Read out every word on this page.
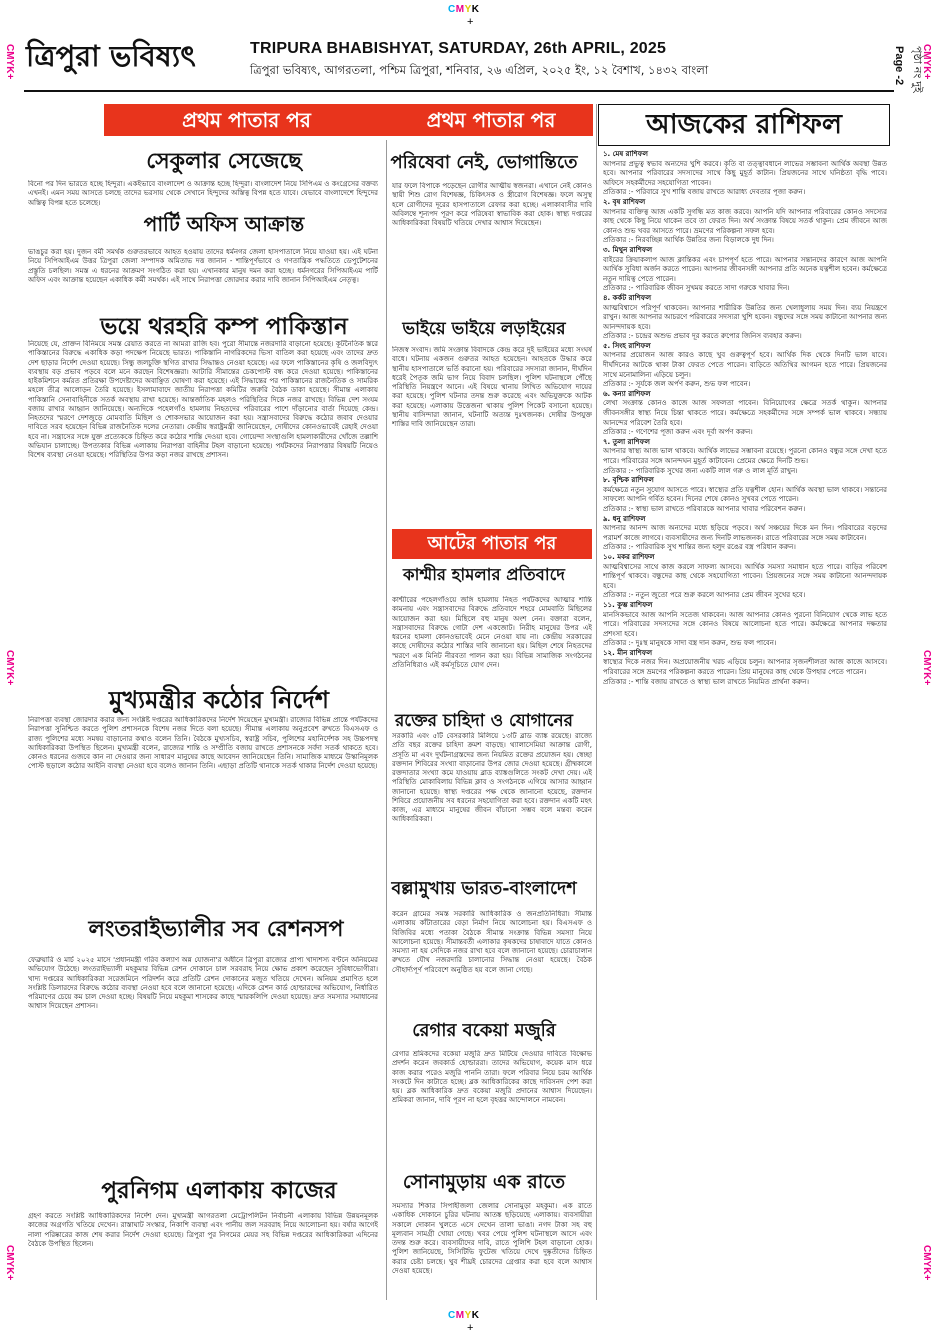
CMYK
+
CMYK+	CMYK+
CMYK+	CMYK+
CMYK+	CMYK+
ত্রিপুরা ভবিষ্যৎ	TRIPURA BHABISHYAT, SATURDAY, 26th APRIL, 2025
ত্রিপুরা ভবিষ্যৎ, আগরতলা, পশ্চিম ত্রিপুরা, শনিবার, ২৬ এপ্রিল, ২০২৫ ইং, ১২ বৈশাখ, ১৪৩২ বাংলা	Page -2 পৃষ্ঠা নং দুই
প্রথম পাতার পর	প্রথম পাতার পর	আজকের রাশিফল
সেকুলার সেজেছে
বিনো পর দিন ভারতে হচ্ছে হিন্দুরা। একইভাবে বাংলাদেশ ও আক্রান্ত হচ্ছে হিন্দুরা। বাংলাদেশ নিয়ে সিপিএম ও কংগ্রেসের বক্তব্য এখনই। এমন সময় আসতে চলছে তাদের ভরসায় থেকে সেখানে হিন্দুদের অস্তিত্ব বিপন্ন হতে যাবে। যেভাবে বাংলাদেশে হিন্দুদের অস্তিত্ব বিপন্ন হতে চলেছে।
পার্টি অফিস আক্রান্ত
ভাঙচুর করা হয়। দুজন বর্মী সমর্থক গুরুতরভাবে আহত হওয়ায় তাদের ধর্মনগর জেলা হাসপাতালে নিয়ে যাওয়া হয়। এই ঘটনা নিয়ে সিপিআইএম উত্তর ত্রিপুরা জেলা সম্পাদক অমিতাভ দত্ত জানান - শান্তিপূর্ণভাবে ও গণতান্ত্রিক পদ্ধতিতে ডেপুটেশনের প্রস্তুতি চলছিল। সমস্ত এ ধরনের আক্রমণ সংগঠিত করা হয়। এখানকার মানুষ দমন করা হচ্ছে। ধর্মনগরের সিপিআইএম পার্টি অফিস এবং আক্রান্ত হয়েছেন একাধিক কর্মী সমর্থক। এই সাথে নিরাপত্তা জোরদার করার দাবি জানান সিপিআইএম নেতৃত্ব।
ভয়ে থরহরি কম্প পাকিস্তান
নিয়েছে যে, প্রাক্তন বিনিময়ে সমস্ত রেয়াত করতে না আমরা রাজি হব। পুরো সীমান্তে নজরদারি বাড়ানো হয়েছে। কূটনৈতিক স্তরে পাকিস্তানের বিরুদ্ধে একাধিক কড়া পদক্ষেপ নিয়েছে ভারত। পাকিস্তানি নাগরিকদের ভিসা বাতিল করা হয়েছে এবং তাদের দ্রুত দেশ ছাড়ার নির্দেশ দেওয়া হয়েছে। সিন্ধু জলচুক্তি স্থগিত রাখার সিদ্ধান্তও নেওয়া হয়েছে। এর ফলে পাকিস্তানের কৃষি ও জলবিদ্যুৎ ব্যবস্থায় বড় প্রভাব পড়বে বলে মনে করছেন বিশেষজ্ঞরা। আটারি সীমান্তের চেকপোস্ট বন্ধ করে দেওয়া হয়েছে। পাকিস্তানের হাইকমিশনে কর্মরত প্রতিরক্ষা উপদেষ্টাদের অবাঞ্ছিত ঘোষণা করা হয়েছে। এই সিদ্ধান্তের পর পাকিস্তানের রাজনৈতিক ও সামরিক মহলে তীব্র আলোড়ন তৈরি হয়েছে। ইসলামাবাদে জাতীয় নিরাপত্তা কমিটির জরুরি বৈঠক ডাকা হয়েছে। সীমান্ত এলাকায় পাকিস্তানি সেনাবাহিনীকে সতর্ক অবস্থায় রাখা হয়েছে। আন্তর্জাতিক মহলও পরিস্থিতির দিকে নজর রাখছে। বিভিন্ন দেশ সংযম বজায় রাখার আহ্বান জানিয়েছে। অন্যদিকে পহেলগাঁও হামলায় নিহতদের পরিবারের পাশে দাঁড়ানোর বার্তা দিয়েছে কেন্দ্র। নিহতদের স্মরণে দেশজুড়ে মোমবাতি মিছিল ও শোকসভার আয়োজন করা হয়। সন্ত্রাসবাদের বিরুদ্ধে কঠোর জবাব দেওয়ার দাবিতে সরব হয়েছেন বিভিন্ন রাজনৈতিক দলের নেতারা। কেন্দ্রীয় স্বরাষ্ট্রমন্ত্রী জানিয়েছেন, দোষীদের কোনওভাবেই রেহাই দেওয়া হবে না। সন্ত্রাসের সঙ্গে যুক্ত প্রত্যেককে চিহ্নিত করে কঠোর শাস্তি দেওয়া হবে। গোয়েন্দা সংস্থাগুলি হামলাকারীদের খোঁজে তল্লাশি অভিযান চালাচ্ছে। উপত্যকার বিভিন্ন এলাকায় নিরাপত্তা বাহিনীর টহল বাড়ানো হয়েছে। পর্যটকদের নিরাপত্তার বিষয়টি নিয়েও বিশেষ ব্যবস্থা নেওয়া হয়েছে। পরিস্থিতির উপর কড়া নজর রাখছে প্রশাসন।
মুখ্যমন্ত্রীর কঠোর নির্দেশ
নিরাপত্তা ব্যবস্থা জোরদার করার জন্য সংশ্লিষ্ট দপ্তরের আধিকারিকদের নির্দেশ দিয়েছেন মুখ্যমন্ত্রী। রাজ্যের বিভিন্ন প্রান্তে পর্যটকদের নিরাপত্তা সুনিশ্চিত করতে পুলিশ প্রশাসনকে বিশেষ নজর দিতে বলা হয়েছে। সীমান্ত এলাকায় অনুপ্রবেশ রুখতে বিএসএফ ও রাজ্য পুলিশের মধ্যে সমন্বয় বাড়ানোর কথাও বলেন তিনি। বৈঠকে মুখ্যসচিব, স্বরাষ্ট্র সচিব, পুলিশের মহানির্দেশক সহ উচ্চপদস্থ আধিকারিকরা উপস্থিত ছিলেন। মুখ্যমন্ত্রী বলেন, রাজ্যের শান্তি ও সম্প্রীতি বজায় রাখতে প্রশাসনকে সর্বদা সতর্ক থাকতে হবে। কোনও ধরনের গুজবে কান না দেওয়ার জন্য সাধারণ মানুষের কাছে আবেদন জানিয়েছেন তিনি। সামাজিক মাধ্যমে উস্কানিমূলক পোস্ট ছড়ালে কঠোর আইনি ব্যবস্থা নেওয়া হবে বলেও জানান তিনি। এছাড়া প্রতিটি থানাকে সতর্ক থাকার নির্দেশ দেওয়া হয়েছে।
লংতরাইভ্যালীর সব রেশনসপ
ফেব্রুয়ারি ও মার্চ ২০২৫ মাসে 'প্রধানমন্ত্রী গরিব কল্যাণ অন্ন যোজনা'র অধীনে ত্রিপুরা রাজ্যের প্রাপ্য খাদ্যশস্য বণ্টনে অনিয়মের অভিযোগ উঠেছে। লংতরাইভ্যালী মহকুমার বিভিন্ন রেশন দোকানে চাল সরবরাহ নিয়ে ক্ষোভ প্রকাশ করেছেন সুবিধাভোগীরা। খাদ্য দপ্তরের আধিকারিকরা সরেজমিনে পরিদর্শন করে প্রতিটি রেশন দোকানের মজুত খতিয়ে দেখেন। অনিয়ম প্রমাণিত হলে সংশ্লিষ্ট ডিলারদের বিরুদ্ধে কঠোর ব্যবস্থা নেওয়া হবে বলে জানানো হয়েছে। এদিকে রেশন কার্ড হোল্ডারদের অভিযোগ, নির্ধারিত পরিমাণের চেয়ে কম চাল দেওয়া হচ্ছে। বিষয়টি নিয়ে মহকুমা শাসকের কাছে স্মারকলিপি দেওয়া হয়েছে। দ্রুত সমস্যার সমাধানের আশ্বাস দিয়েছেন প্রশাসন।
পুরনিগম এলাকায় কাজের
গ্রহণ করতে সংশ্লিষ্ট আধিকারিকদের নির্দেশ দেন। মুখ্যমন্ত্রী আগরতলা মেট্রোপলিটন নির্বাচনী এলাকায় বিভিন্ন উন্নয়নমূলক কাজের অগ্রগতি খতিয়ে দেখেন। রাস্তাঘাট সংস্কার, নিকাশি ব্যবস্থা এবং পানীয় জল সরবরাহ নিয়ে আলোচনা হয়। বর্ষার আগেই নালা পরিষ্কারের কাজ শেষ করার নির্দেশ দেওয়া হয়েছে। ত্রিপুরা পুর নিগমের মেয়র সহ বিভিন্ন দপ্তরের আধিকারিকরা এদিনের বৈঠকে উপস্থিত ছিলেন।
পরিষেবা নেই, ভোগান্তিতে
যার ফলে বিপাকে পড়েছেন রোগীর আত্মীয় স্বজনরা। এখানে নেই কোনও স্থায়ী শিশু রোগ বিশেষজ্ঞ, চিকিৎসক ও স্ত্রীরোগ বিশেষজ্ঞ। ফলে অসুস্থ হলে রোগীদের দূরের হাসপাতালে রেফার করা হচ্ছে। এলাকাবাসীর দাবি অবিলম্বে শূন্যপদ পূরণ করে পরিষেবা স্বাভাবিক করা হোক। স্বাস্থ্য দপ্তরের আধিকারিকরা বিষয়টি খতিয়ে দেখার আশ্বাস দিয়েছেন।
ভাইয়ে ভাইয়ে লড়াইয়ের
নিজস্ব সংবাদ। জমি সংক্রান্ত বিবাদকে কেন্দ্র করে দুই ভাইয়ের মধ্যে সংঘর্ষ বাধে। ঘটনায় একজন গুরুতর আহত হয়েছেন। আহতকে উদ্ধার করে স্থানীয় হাসপাতালে ভর্তি করানো হয়। পরিবারের সদস্যরা জানান, দীর্ঘদিন ধরেই পৈতৃক জমি ভাগ নিয়ে বিবাদ চলছিল। পুলিশ ঘটনাস্থলে পৌঁছে পরিস্থিতি নিয়ন্ত্রণে আনে। এই বিষয়ে থানায় লিখিত অভিযোগ দায়ের করা হয়েছে। পুলিশ ঘটনার তদন্ত শুরু করেছে এবং অভিযুক্তকে আটক করা হয়েছে। এলাকায় উত্তেজনা থাকায় পুলিশ পিকেট বসানো হয়েছে। স্থানীয় বাসিন্দারা জানান, ঘটনাটি অত্যন্ত দুঃখজনক। দোষীর উপযুক্ত শাস্তির দাবি জানিয়েছেন তারা।
আটের পাতার পর
কাশ্মীর হামলার প্রতিবাদে
কাশ্মীরের পহেলগাঁওয়ে জঙ্গি হামলায় নিহত পর্যটকদের আত্মার শান্তি কামনায় এবং সন্ত্রাসবাদের বিরুদ্ধে প্রতিবাদে শহরে মোমবাতি মিছিলের আয়োজন করা হয়। মিছিলে বহু মানুষ অংশ নেন। বক্তারা বলেন, সন্ত্রাসবাদের বিরুদ্ধে গোটা দেশ একজোট। নিরীহ মানুষের উপর এই ধরনের হামলা কোনওভাবেই মেনে নেওয়া যায় না। কেন্দ্রীয় সরকারের কাছে দোষীদের কঠোর শাস্তির দাবি জানানো হয়। মিছিল শেষে নিহতদের স্মরণে এক মিনিট নীরবতা পালন করা হয়। বিভিন্ন সামাজিক সংগঠনের প্রতিনিধিরাও এই কর্মসূচিতে যোগ দেন।
রক্তের চাহিদা ও যোগানের
সরকারি এবং ৫টি বেসরকারি মিলিয়ে ১৩টি ব্লাড ব্যাঙ্ক রয়েছে। রাজ্যে প্রতি বছর রক্তের চাহিদা ক্রমশ বাড়ছে। থ্যালাসেমিয়া আক্রান্ত রোগী, প্রসূতি মা এবং দুর্ঘটনাগ্রস্তদের জন্য নিয়মিত রক্তের প্রয়োজন হয়। স্বেচ্ছা রক্তদান শিবিরের সংখ্যা বাড়ানোর উপর জোর দেওয়া হয়েছে। গ্রীষ্মকালে রক্তদাতার সংখ্যা কমে যাওয়ায় ব্লাড ব্যাঙ্কগুলিতে সংকট দেখা দেয়। এই পরিস্থিতি মোকাবিলায় বিভিন্ন ক্লাব ও সংগঠনকে এগিয়ে আসার আহ্বান জানানো হয়েছে। স্বাস্থ্য দপ্তরের পক্ষ থেকে জানানো হয়েছে, রক্তদান শিবিরে প্রয়োজনীয় সব ধরনের সহযোগিতা করা হবে। রক্তদান একটি মহৎ কাজ, এর মাধ্যমে মানুষের জীবন বাঁচানো সম্ভব বলে মন্তব্য করেন আধিকারিকরা।
বল্লামুখায় ভারত-বাংলাদেশ
করেন গ্রামের সমস্ত সরকারি আধিকারিক ও জনপ্রতিনিধিরা। সীমান্ত এলাকায় কাঁটাতারের বেড়া নির্মাণ নিয়ে আলোচনা হয়। বিএসএফ ও বিজিবির মধ্যে পতাকা বৈঠকে সীমান্ত সংক্রান্ত বিভিন্ন সমস্যা নিয়ে আলোচনা হয়েছে। সীমান্তবর্তী এলাকার কৃষকদের চাষাবাদে যাতে কোনও সমস্যা না হয় সেদিকে নজর রাখা হবে বলে জানানো হয়েছে। চোরাচালান রুখতে যৌথ নজরদারি চালানোর সিদ্ধান্ত নেওয়া হয়েছে। বৈঠক সৌহার্দ্যপূর্ণ পরিবেশে অনুষ্ঠিত হয় বলে জানা গেছে।
রেগার বকেয়া মজুরি
রেগার শ্রমিকদের বকেয়া মজুরি দ্রুত মিটিয়ে দেওয়ার দাবিতে বিক্ষোভ প্রদর্শন করেন জবকার্ড হোল্ডাররা। তাদের অভিযোগ, কয়েক মাস ধরে কাজ করার পরেও মজুরি পাননি তারা। ফলে পরিবার নিয়ে চরম আর্থিক সংকটে দিন কাটাতে হচ্ছে। ব্লক আধিকারিকের কাছে দাবিসনদ পেশ করা হয়। ব্লক আধিকারিক দ্রুত বকেয়া মজুরি প্রদানের আশ্বাস দিয়েছেন। শ্রমিকরা জানান, দাবি পূরণ না হলে বৃহত্তর আন্দোলনে নামবেন।
সোনামুড়ায় এক রাতে
সমস্যার শিকার সিপাহীজলা জেলার সোনামুড়া মহকুমা। এক রাতে একাধিক দোকানে চুরির ঘটনায় আতঙ্ক ছড়িয়েছে এলাকায়। ব্যবসায়ীরা সকালে দোকান খুলতে এসে দেখেন তালা ভাঙা। নগদ টাকা সহ বহু মূল্যবান সামগ্রী খোয়া গেছে। খবর পেয়ে পুলিশ ঘটনাস্থলে আসে এবং তদন্ত শুরু করে। ব্যবসায়ীদের দাবি, রাতে পুলিশি টহল বাড়ানো হোক। পুলিশ জানিয়েছে, সিসিটিভি ফুটেজ খতিয়ে দেখে দুষ্কৃতীদের চিহ্নিত করার চেষ্টা চলছে। খুব শীঘ্রই চোরদের গ্রেপ্তার করা হবে বলে আশ্বাস দেওয়া হয়েছে।
১. মেষ রাশিফল
আপনার প্রভুত্ব স্বভাব অন্যদের খুশি করবে। কৃতি বা তত্ত্বাবধানে লাভের সম্ভাবনা আর্থিক অবস্থা উন্নত হবে। আপনার পরিবারের সদস্যদের সাথে কিছু মুহূর্ত কাটান। প্রিয়জনের সাথে ঘনিষ্ঠতা বৃদ্ধি পাবে। অফিসে সহকর্মীদের সহযোগিতা পাবেন।
প্রতিকার :- পরিবারে সুখ শান্তি বজায় রাখতে আরাধ্য দেবতার পূজা করুন।
২. বৃষ রাশিফল
আপনার ব্যক্তিত্ব আজ একটি সুগন্ধি মত কাজ করবে। আপনি যদি আপনার পরিবারের কোনও সদস্যের কাছ থেকে কিছু নিয়ে থাকেন তবে তা ফেরত দিন। অর্থ সংক্রান্ত বিষয়ে সতর্ক থাকুন। প্রেম জীবনে আজ কোনও শুভ খবর আসতে পারে। ভ্রমণের পরিকল্পনা সফল হবে।
প্রতিকার :- নিরবচ্ছিন্ন আর্থিক উন্নতির জন্য বিড়ালকে দুধ দিন।
৩. মিথুন রাশিফল
বাইরের ক্রিয়াকলাপ আজ ক্লান্তিকর এবং চাপপূর্ণ হতে পারে। আপনার সন্তানদের কারণে আজ আপনি আর্থিক সুবিধা অর্জন করতে পারেন। আপনার জীবনসঙ্গী আপনার প্রতি অনেক যত্নশীল হবেন। কর্মক্ষেত্রে নতুন দায়িত্ব পেতে পারেন।
প্রতিকার :- পারিবারিক জীবন সুখময় করতে সাদা গরুকে খাবার দিন।
৪. কর্কট রাশিফল
আত্মবিশ্বাসে পরিপূর্ণ থাকবেন। আপনার শারীরিক উন্নতির জন্য খেলাধুলায় সময় দিন। ব্যয় নিয়ন্ত্রণে রাখুন। আজ আপনার আচরণে পরিবারের সদস্যরা খুশি হবেন। বন্ধুদের সঙ্গে সময় কাটানো আপনার জন্য আনন্দদায়ক হবে।
প্রতিকার :- চন্দ্রের অশুভ প্রভাব দূর করতে রুপোর জিনিস ব্যবহার করুন।
৫. সিংহ রাশিফল
আপনার প্রয়োজন আজ কারও কাছে খুব গুরুত্বপূর্ণ হবে। আর্থিক দিক থেকে দিনটি ভাল যাবে। দীর্ঘদিনের আটকে থাকা টাকা ফেরত পেতে পারেন। বাড়িতে অতিথির আগমন হতে পারে। প্রিয়জনের সাথে মনোমালিন্য এড়িয়ে চলুন।
প্রতিকার :- সূর্যকে জল অর্পণ করুন, শুভ ফল পাবেন।
৬. কন্যা রাশিফল
লেখা সংক্রান্ত কোনও কাজে আজ সফলতা পাবেন। বিনিয়োগের ক্ষেত্রে সতর্ক থাকুন। আপনার জীবনসঙ্গীর স্বাস্থ্য নিয়ে চিন্তা থাকতে পারে। কর্মক্ষেত্রে সহকর্মীদের সঙ্গে সম্পর্ক ভাল থাকবে। সন্ধ্যায় আনন্দের পরিবেশ তৈরি হবে।
প্রতিকার :- গণেশের পূজা করুন এবং দূর্বা অর্পণ করুন।
৭. তুলা রাশিফল
আপনার স্বাস্থ্য আজ ভাল থাকবে। আর্থিক লাভের সম্ভাবনা রয়েছে। পুরনো কোনও বন্ধুর সঙ্গে দেখা হতে পারে। পরিবারের সঙ্গে আনন্দঘন মুহূর্ত কাটাবেন। প্রেমের ক্ষেত্রে দিনটি শুভ।
প্রতিকার :- পারিবারিক সুখের জন্য একটি লাল গরু ও লাল মূর্তি রাখুন।
৮. বৃশ্চিক রাশিফল
কর্মক্ষেত্রে নতুন সুযোগ আসতে পারে। স্বাস্থ্যের প্রতি যত্নশীল হোন। আর্থিক অবস্থা ভাল থাকবে। সন্তানের সাফল্যে আপনি গর্বিত হবেন। দিনের শেষে কোনও সুখবর পেতে পারেন।
প্রতিকার :- স্বাস্থ্য ভাল রাখতে পরিবারকে আপনার খাবার পরিবেশন করুন।
৯. ধনু রাশিফল
আপনার আনন্দ আজ অন্যদের মধ্যে ছড়িয়ে পড়বে। অর্থ সঞ্চয়ের দিকে মন দিন। পরিবারের বড়দের পরামর্শ কাজে লাগবে। ব্যবসায়ীদের জন্য দিনটি লাভজনক। রাতে পরিবারের সঙ্গে সময় কাটাবেন।
প্রতিকার :- পারিবারিক সুখ শান্তির জন্য হলুদ রঙের বস্ত্র পরিধান করুন।
১০. মকর রাশিফল
আত্মবিশ্বাসের সাথে কাজ করলে সাফল্য আসবে। আর্থিক সমস্যা সমাধান হতে পারে। বাড়ির পরিবেশ শান্তিপূর্ণ থাকবে। বন্ধুদের কাছ থেকে সহযোগিতা পাবেন। প্রিয়জনের সঙ্গে সময় কাটানো আনন্দদায়ক হবে।
প্রতিকার :- নতুন জুতো পরে শুরু করলে আপনার প্রেম জীবন সুখের হবে।
১১. কুম্ভ রাশিফল
মানসিকভাবে আজ আপনি সতেজ থাকবেন। আজ আপনার কোনও পুরনো বিনিয়োগ থেকে লাভ হতে পারে। পরিবারের সদস্যদের সঙ্গে কোনও বিষয়ে আলোচনা হতে পারে। কর্মক্ষেত্রে আপনার দক্ষতার প্রশংসা হবে।
প্রতিকার :- দুঃস্থ মানুষকে সাদা বস্ত্র দান করুন, শুভ ফল পাবেন।
১২. মীন রাশিফল
স্বাস্থ্যের দিকে নজর দিন। অপ্রয়োজনীয় খরচ এড়িয়ে চলুন। আপনার সৃজনশীলতা আজ কাজে আসবে। পরিবারের সঙ্গে ভ্রমণের পরিকল্পনা করতে পারেন। প্রিয় মানুষের কাছ থেকে উপহার পেতে পারেন।
প্রতিকার :- শান্তি বজায় রাখতে ও স্বাস্থ্য ভাল রাখতে নিয়মিত প্রার্থনা করুন।
CMYK
+
